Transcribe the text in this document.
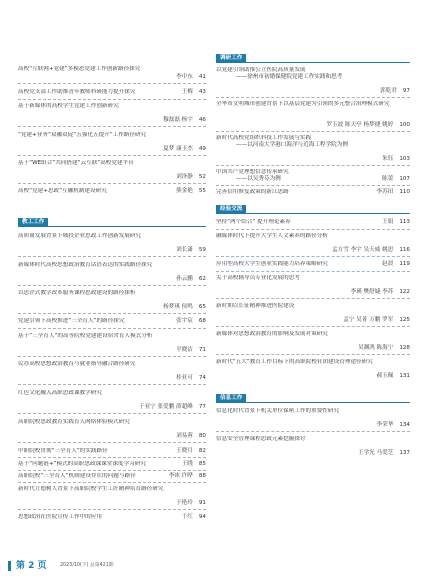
高校“互联网+党建”多模态党建工作创新路径探究
李中东 41
高校党支部工作助推青年教师科研能力提升探究	王梅 43
基于新媒体的高校学生党建工作创新研究
穆磊磊 杨宇 46
“党建+业务”双融双促“五强化五提升”工作路径研究
夏梦 康玉杰 49
基于“WE组合”共同搭建“云互联”高校党建平台
刘泽静 52
高校“党建+思政”互融机制建设研究	熊金艳 55
教工工作
高质量发展背景下城投企业思政工作创新发展研究
刘长潇 59
新媒体时代高校思想政治教育话语表达的实践路径探究
孙云鹏 62
以思企式教学改革服务课程思政建设的路径探析
杨梦琪 侯鸣 65
党建引领下高校推进“三全育人”的路径探究	张宇宸 68
基于“三全育人”的高等院校党建建设宿舍育人模式分析
平晓洁 71
民办高校思想政治教育与就业指导融合路径研究
桂亚可 74
红色文化融入高职思政课教学研究
于亚宁 张爱鹏 薛超峰 77
高职院校思政教育实践育人网络体验模式研究
刘易蓉 80
中职院校贯彻“三全育人”的实践路径	王晓月 82
基于“问题链+”模式的高职思政课课堂深度学习研究	王晓 85
高职院校“三全育人”机制建设存在的问题与路径	李冰 许晔 88
新时代立德树人背景下高职院校学生工匠精神培育路径研究
于艳玲 91
思想政治在医院宣传工作中的应用	于红 94
调研工作
以党建引领助推公立医院高质量发展
——徐州市初婚保健院党建工作实践和思考
郭乾君 97
全华市文明城市创建背景下以基层党建为引领的多元整合治理模式研究
罗玉波 陈天亭 杨梦捷 姚婷 100
新时代高校党组织科技工作发展与实践
——以河南大学港口海洋与近海工程学院为例
朱钰 103
中国共产党理想信念传承研究
——以吴秀芬为例	陈蕾 107
完善信用修复政策的新江思路	李苏田 110
经验交流
坚持“两个结合” 提升理论素养	王娟 113
融媒体时代下提升大学生人文素养的路径分析
孟方雪 李宇 吴天威 姚思 116
应用型高校大学生创业实践能力培养策略研究	赵晨 119
关于高校辅导员专业化发展的思考
李瑛 樊舒婕 李苏 122
新时期以长征精神推进医院建设
孟宁 吴菁 万鹏 罗军 125
新媒体对思想政治教育的影响及发展对策研究
吴渊鸿 陈海宁 128
新时代“五大”教育工作目标下的高职院校社团建设管理途径研究
郝玉佩 131
信息工作
信息化时代背景下机关单位保密工作的重要性研究
李荣华 134
信息安全管理课程思政元素挖掘探讨
王学光 马爱芝 137
第 2 页	2023/10(下) 总第421期
